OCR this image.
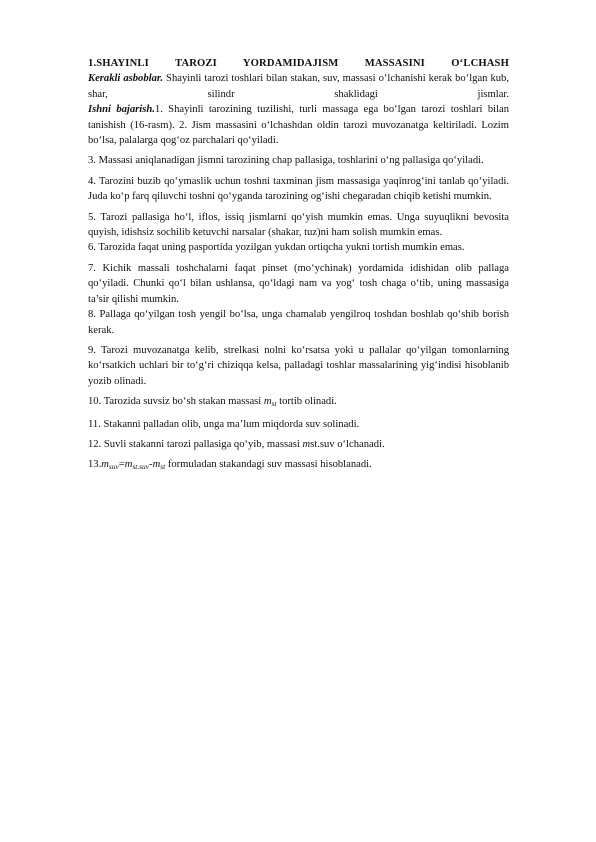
1.SHAYINLI TAROZI YORDAMIDAJISM MASSASINI O‘LCHASH

Kerakli asboblar. Shayinli tarozi toshlari bilan stakan, suv, massasi o‘lchanishi kerak bo‘lgan kub, shar, silindr shaklidagi jismlar.

Ishni bajarish.1. Shayinli tarozining tuzilishi, turli massaga ega bo‘lgan tarozi toshlari bilan tanishish (16-rasm). 2. Jism massasini o‘lchashdan oldin tarozi muvozanatga keltiriladi. Lozim bo‘lsa, palalarga qog‘oz parchalari qo‘yiladi.

3. Massasi aniqlanadigan jismni tarozining chap pallasiga, toshlarini o‘ng pallasiga qo‘yiladi.

4. Tarozini buzib qo‘ymaslik uchun toshni taxminan jism massasiga yaqinrog‘ini tanlab qo‘yiladi. Juda ko‘p farq qiluvchi toshni qo‘yganda tarozining og‘ishi chegaradan chiqib ketishi mumkin.

5. Tarozi pallasiga ho‘l, iflos, issiq jismlarni qo‘yish mumkin emas. Unga suyuqlikni bevosita quyish, idishsiz sochilib ketuvchi narsalar (shakar, tuz)ni ham solish mumkin emas.

6. Tarozida faqat uning pasportida yozilgan yukdan ortiqcha yukni tortish mumkin emas.

7. Kichik massali toshchalarni faqat pinset (mo‘ychinak) yordamida idishidan olib pallaga qo‘yiladi. Chunki qo‘l bilan ushlansa, qo‘ldagi nam va yog‘ tosh chaga o‘tib, uning massasiga ta’sir qilishi mumkin.

8. Pallaga qo‘yilgan tosh yengil bo‘lsa, unga chamalab yengilroq toshdan boshlab qo‘shib borish kerak.

9. Tarozi muvozanatga kelib, strelkasi nolni ko‘rsatsa yoki u pallalar qo‘yilgan tomonlarning ko‘rsatkich uchlari bir to‘g‘ri chiziqqa kelsa, palladagi toshlar massalarining yig‘indisi hisoblanib yozib olinadi.

10. Tarozida suvsiz bo‘sh stakan massasi $m_{st}$ tortib olinadi.

11. Stakanni palladan olib, unga ma’lum miqdorda suv solinadi.

12. Suvli stakanni tarozi pallasiga qo‘yib, massasi mst.suv o‘lchanadi.

$13.m_{suv}=m_{st.suv}-m_{st}$ formuladan stakandagi suv massasi hisoblanadi.
